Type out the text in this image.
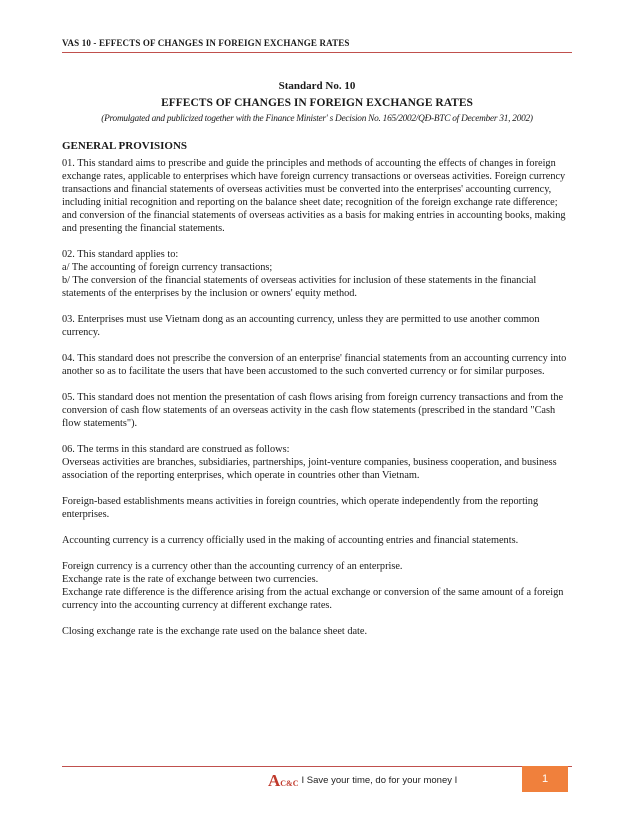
VAS 10 - EFFECTS OF CHANGES IN FOREIGN EXCHANGE RATES
Standard No. 10
EFFECTS OF CHANGES IN FOREIGN EXCHANGE RATES
(Promulgated and publicized together with the Finance Minister' s Decision No. 165/2002/QĐ-BTC of December 31, 2002)
GENERAL PROVISIONS

01. This standard aims to prescribe and guide the principles and methods of accounting the effects of changes in foreign exchange rates, applicable to enterprises which have foreign currency transactions or overseas activities. Foreign currency transactions and financial statements of overseas activities must be converted into the enterprises' accounting currency, including initial recognition and reporting on the balance sheet date; recognition of the foreign exchange rate difference; and conversion of the financial statements of overseas activities as a basis for making entries in accounting books, making and presenting the financial statements.

02. This standard applies to:

a/ The accounting of foreign currency transactions;

b/ The conversion of the financial statements of overseas activities for inclusion of these statements in the financial statements of the enterprises by the inclusion or owners' equity method.

03. Enterprises must use Vietnam dong as an accounting currency, unless they are permitted to use another common currency.

04. This standard does not prescribe the conversion of an enterprise' financial statements from an accounting currency into another so as to facilitate the users that have been accustomed to the such converted currency or for similar purposes.

05. This standard does not mention the presentation of cash flows arising from foreign currency transactions and from the conversion of cash flow statements of an overseas activity in the cash flow statements (prescribed in the standard "Cash flow statements").

06. The terms in this standard are construed as follows:

Overseas activities are branches, subsidiaries, partnerships, joint-venture companies, business cooperation, and business association of the reporting enterprises, which operate in countries other than Vietnam.

Foreign-based establishments means activities in foreign countries, which operate independently from the reporting enterprises.

Accounting currency is a currency officially used in the making of accounting entries and financial statements.

Foreign currency is a currency other than the accounting currency of an enterprise.

Exchange rate is the rate of exchange between two currencies.

Exchange rate difference is the difference arising from the actual exchange or conversion of the same amount of a foreign currency into the accounting currency at different exchange rates.

Closing exchange rate is the exchange rate used on the balance sheet date.

A C&C I Save your time, do for your money I	1
